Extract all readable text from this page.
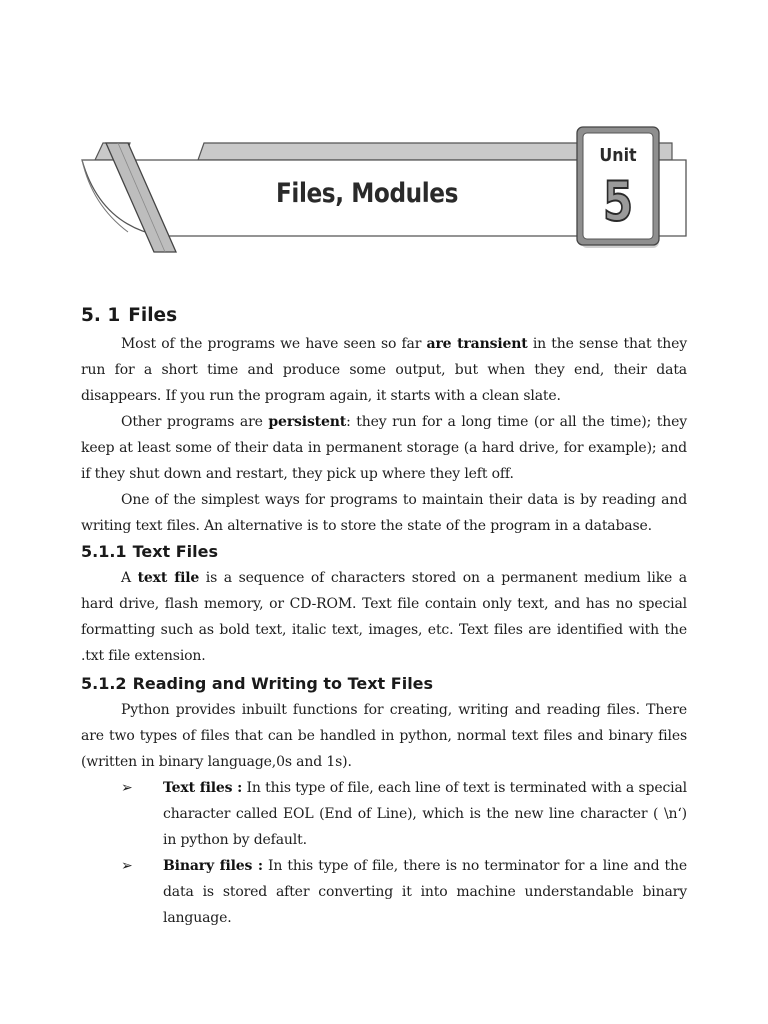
Files, Modules
Unit
5
5. 1 Files

Most of the programs we have seen so far are transient in the sense that they run for a short time and produce some output, but when they end, their data disappears. If you run the program again, it starts with a clean slate.

Other programs are persistent: they run for a long time (or all the time); they keep at least some of their data in permanent storage (a hard drive, for example); and if they shut down and restart, they pick up where they left off.

One of the simplest ways for programs to maintain their data is by reading and writing text files. An alternative is to store the state of the program in a database.

5.1.1 Text Files

A text file is a sequence of characters stored on a permanent medium like a hard drive, flash memory, or CD-ROM. Text file contain only text, and has no special formatting such as bold text, italic text, images, etc. Text files are identified with the .txt file extension.

5.1.2 Reading and Writing to Text Files

Python provides inbuilt functions for creating, writing and reading files. There are two types of files that can be handled in python, normal text files and binary files (written in binary language,0s and 1s).

➢ Text files : In this type of file, each line of text is terminated with a special character called EOL (End of Line), which is the new line character ( \n‘) in python by default.
➢ Binary files : In this type of file, there is no terminator for a line and the data is stored after converting it into machine understandable binary language.
